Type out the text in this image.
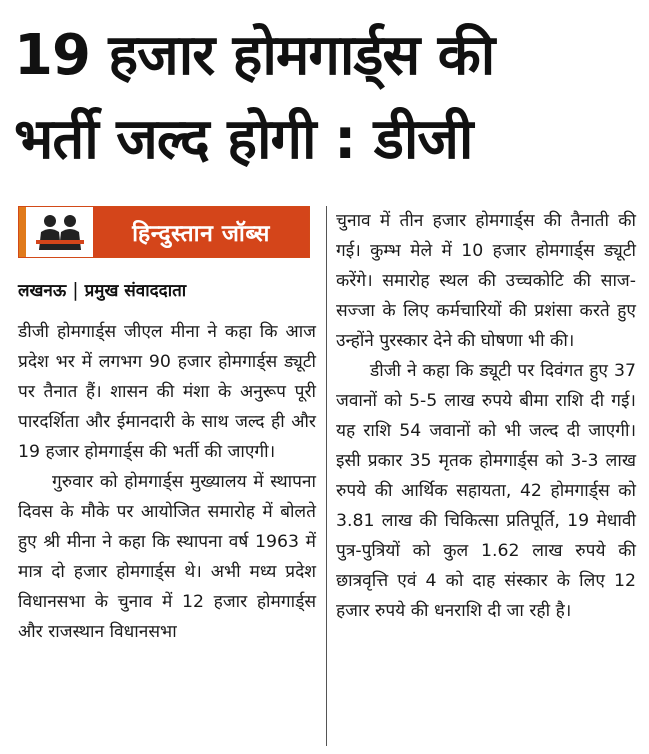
19 हजार होमगार्ड्स की
भर्ती जल्द होगी : डीजी
हिन्दुस्तान जॉब्स
लखनऊ | प्रमुख संवाददाता

डीजी होमगार्ड्स जीएल मीना ने कहा कि आज प्रदेश भर में लगभग 90 हजार होमगार्ड्स ड्यूटी पर तैनात हैं। शासन की मंशा के अनुरूप पूरी पारदर्शिता और ईमानदारी के साथ जल्द ही और 19 हजार होमगार्ड्स की भर्ती की जाएगी।

गुरुवार को होमगार्ड्स मुख्यालय में स्थापना दिवस के मौके पर आयोजित समारोह में बोलते हुए श्री मीना ने कहा कि स्थापना वर्ष 1963 में मात्र दो हजार होमगार्ड्स थे। अभी मध्य प्रदेश विधानसभा के चुनाव में 12 हजार होमगार्ड्स और राजस्थान विधानसभा

चुनाव में तीन हजार होमगार्ड्स की तैनाती की गई। कुम्भ मेले में 10 हजार होमगार्ड्स ड्यूटी करेंगे। समारोह स्थल की उच्चकोटि की साज-सज्जा के लिए कर्मचारियों की प्रशंसा करते हुए उन्होंने पुरस्कार देने की घोषणा भी की।

डीजी ने कहा कि ड्यूटी पर दिवंगत हुए 37 जवानों को 5-5 लाख रुपये बीमा राशि दी गई। यह राशि 54 जवानों को भी जल्द दी जाएगी। इसी प्रकार 35 मृतक होमगार्ड्स को 3-3 लाख रुपये की आर्थिक सहायता, 42 होमगार्ड्स को 3.81 लाख की चिकित्सा प्रतिपूर्ति, 19 मेधावी पुत्र-पुत्रियों को कुल 1.62 लाख रुपये की छात्रवृत्ति एवं 4 को दाह संस्कार के लिए 12 हजार रुपये की धनराशि दी जा रही है।
